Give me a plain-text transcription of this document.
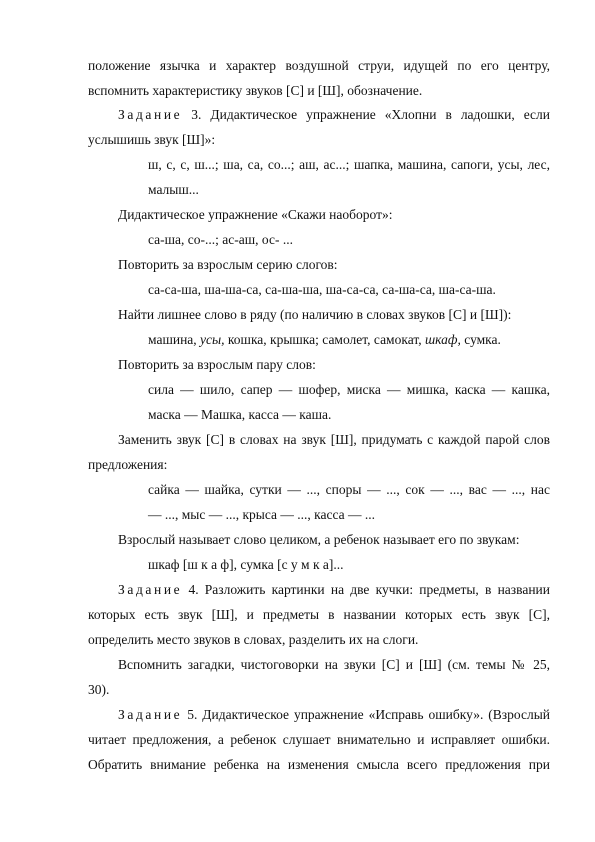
положение язычка и характер воздушной струи, идущей по его центру,
вспомнить характеристику звуков [С] и [Ш], обозначение.
Задание 3. Дидактическое упражнение «Хлопни в ладошки, если
услышишь звук [Ш]»:
ш, с, с, ш...; ша, са, со...; аш, ас...; шапка, машина, сапоги, усы, лес,
малыш...
Дидактическое упражнение «Скажи наоборот»:
са-ша, со-...; ас-аш, ос- ...
Повторить за взрослым серию слогов:
са-са-ша, ша-ша-са, са-ша-ша, ша-са-са, са-ша-са, ша-са-ша.
Найти лишнее слово в ряду (по наличию в словах звуков [С] и [Ш]):
машина, усы, кошка, крышка; самолет, самокат, шкаф, сумка.
Повторить за взрослым пару слов:
сила — шило, сапер — шофер, миска — мишка, каска — кашка,
маска — Машка, касса — каша.
Заменить звук [С] в словах на звук [Ш], придумать с каждой парой слов
предложения:
сайка — шайка, сутки — ..., споры — ..., сок — ..., вас — ..., нас
— ..., мыс — ..., крыса — ..., касса — ...
Взрослый называет слово целиком, а ребенок называет его по звукам:
шкаф [ш к а ф], сумка [с у м к а]...
Задание 4. Разложить картинки на две кучки: предметы, в названии
которых есть звук [Ш], и предметы в названии которых есть звук [С],
определить место звуков в словах, разделить их на слоги.
Вспомнить загадки, чистоговорки на звуки [С] и [Ш] (см. темы № 25,
30).
Задание 5. Дидактическое упражнение «Исправь ошибку». (Взрослый
читает предложения, а ребенок слушает внимательно и исправляет ошибки.
Обратить внимание ребенка на изменения смысла всего предложения при
